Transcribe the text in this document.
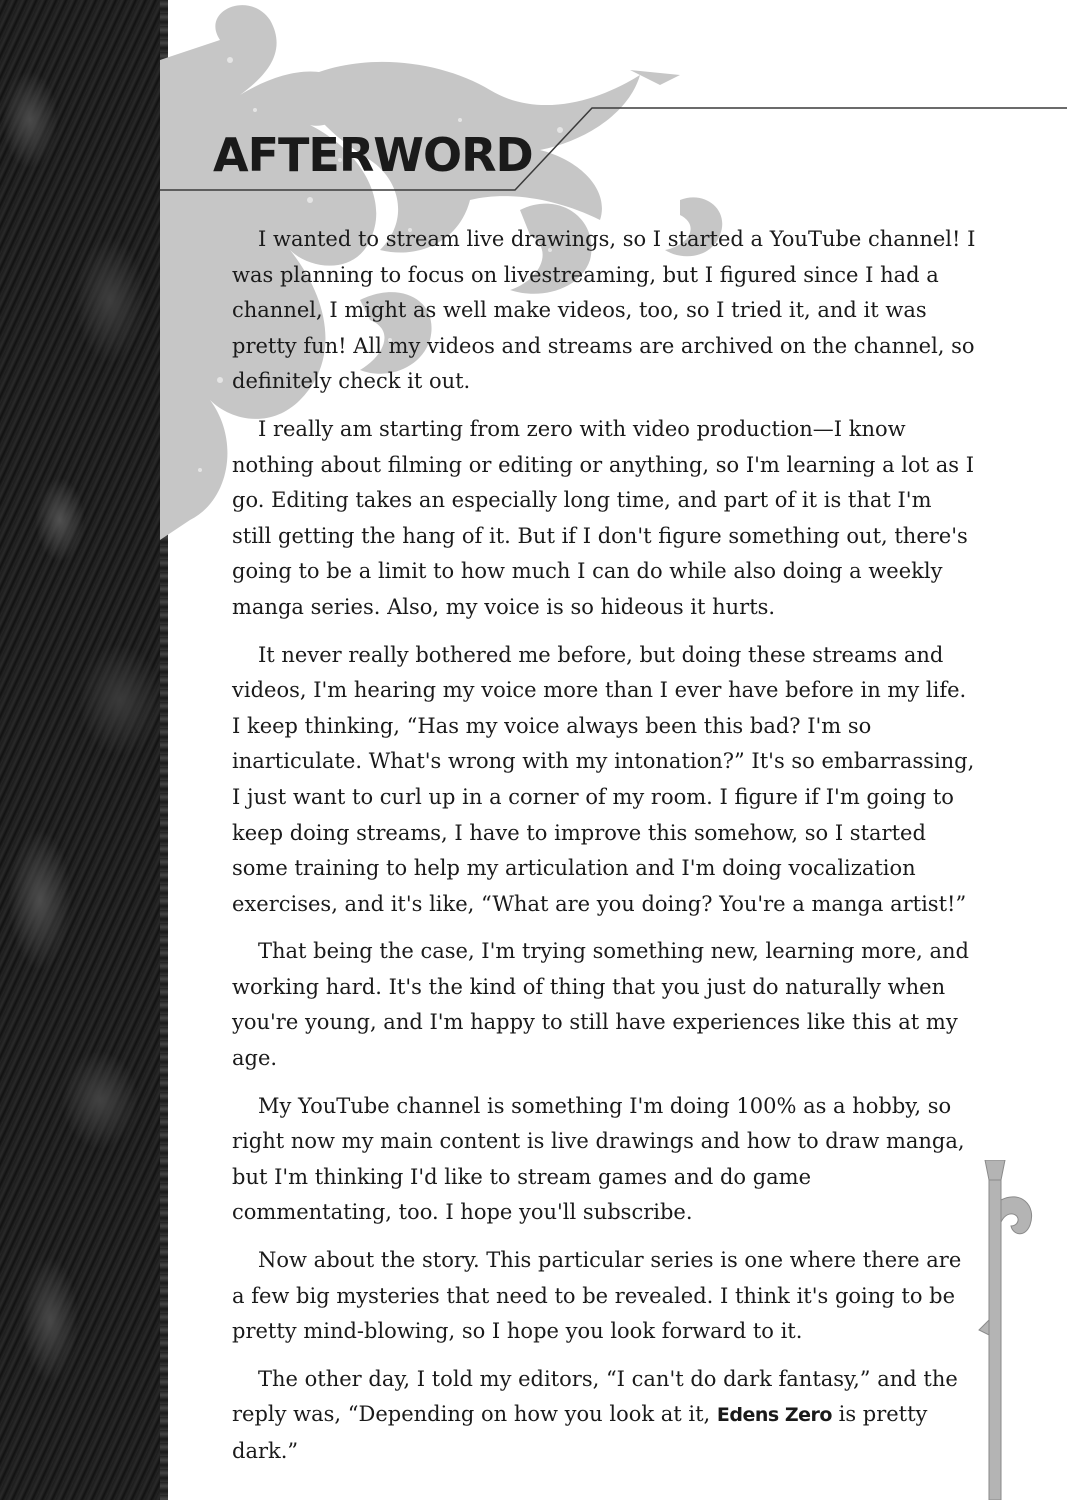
AFTERWORD

I wanted to stream live drawings, so I started a YouTube channel! I was planning to focus on livestreaming, but I figured since I had a channel, I might as well make videos, too, so I tried it, and it was pretty fun! All my videos and streams are archived on the channel, so definitely check it out.

I really am starting from zero with video production—I know nothing about filming or editing or anything, so I'm learning a lot as I go. Editing takes an especially long time, and part of it is that I'm still getting the hang of it. But if I don't figure something out, there's going to be a limit to how much I can do while also doing a weekly manga series. Also, my voice is so hideous it hurts.

It never really bothered me before, but doing these streams and videos, I'm hearing my voice more than I ever have before in my life. I keep thinking, “Has my voice always been this bad? I'm so inarticulate. What's wrong with my intonation?” It's so embarrassing, I just want to curl up in a corner of my room. I figure if I'm going to keep doing streams, I have to improve this somehow, so I started some training to help my articulation and I'm doing vocalization exercises, and it's like, “What are you doing? You're a manga artist!”

That being the case, I'm trying something new, learning more, and working hard. It's the kind of thing that you just do naturally when you're young, and I'm happy to still have experiences like this at my age.

My YouTube channel is something I'm doing 100% as a hobby, so right now my main content is live drawings and how to draw manga, but I'm thinking I'd like to stream games and do game commentating, too. I hope you'll subscribe.

Now about the story. This particular series is one where there are a few big mysteries that need to be revealed. I think it's going to be pretty mind-blowing, so I hope you look forward to it.

The other day, I told my editors, “I can't do dark fantasy,” and the reply was, “Depending on how you look at it, Edens Zero is pretty dark.”
